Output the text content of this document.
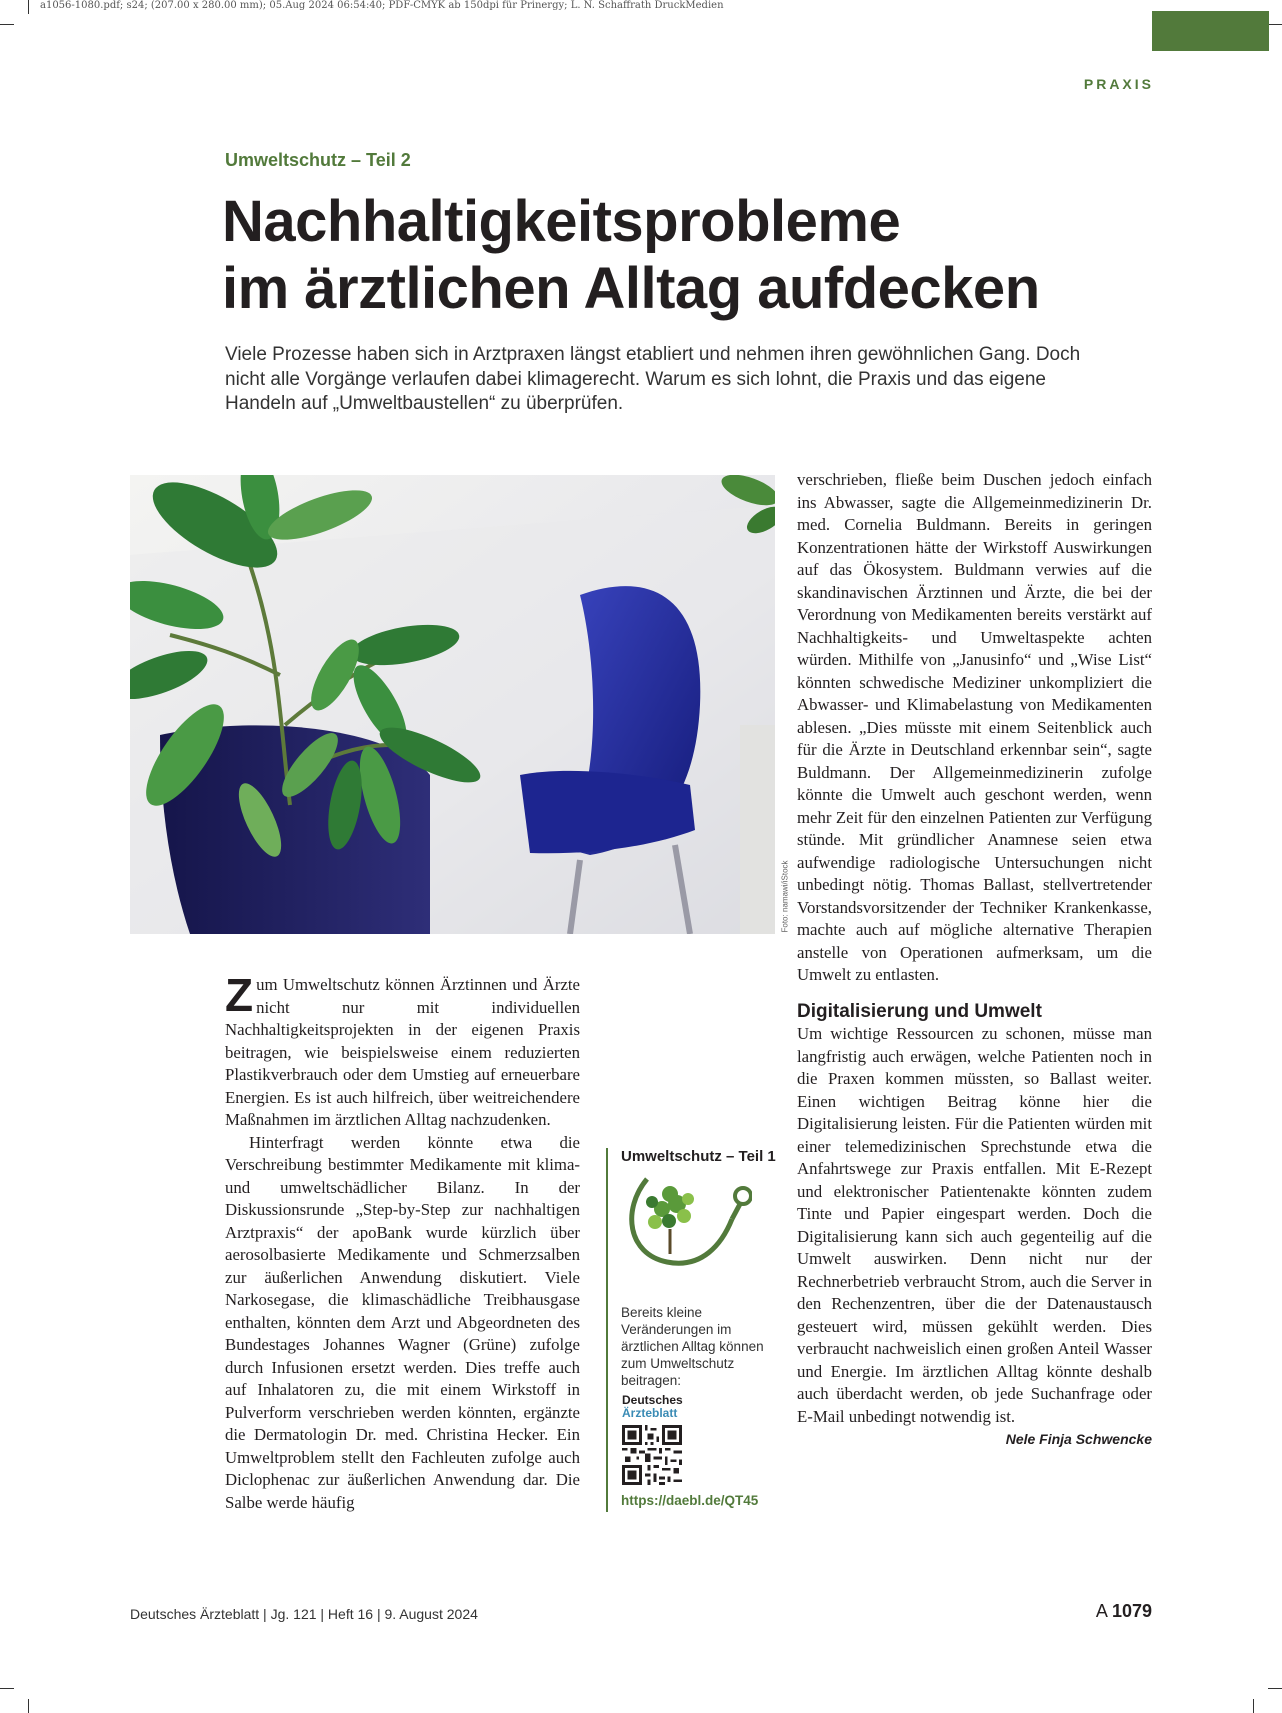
a1056-1080.pdf; s24; (207.00 x 280.00 mm); 05.Aug 2024 06:54:40; PDF-CMYK ab 150dpi für Prinergy; L. N. Schaffrath DruckMedien
PRAXIS
Umweltschutz – Teil 2
Nachhaltigkeitsprobleme
im ärztlichen Alltag aufdecken

Viele Prozesse haben sich in Arztpraxen längst etabliert und nehmen ihren gewöhnlichen Gang. Doch nicht alle Vorgänge verlaufen dabei klimagerecht. Warum es sich lohnt, die Praxis und das eigene Handeln auf „Umweltbaustellen“ zu überprüfen.

Foto: namawi/iStock

Zum Umweltschutz können Ärztinnen und Ärzte nicht nur mit individuellen Nachhaltigkeitsprojekten in der eigenen Praxis beitragen, wie beispielsweise einem reduzierten Plastikverbrauch oder dem Umstieg auf erneuerbare Energien. Es ist auch hilfreich, über weitreichendere Maßnahmen im ärztlichen Alltag nachzudenken.

Hinterfragt werden könnte etwa die Verschreibung bestimmter Medikamente mit klima- und umweltschädlicher Bilanz. In der Diskussionsrunde „Step-by-Step zur nachhaltigen Arztpraxis“ der apoBank wurde kürzlich über aerosolbasierte Medikamente und Schmerzsalben zur äußerlichen Anwendung diskutiert. Viele Narkosegase, die klimaschädliche Treibhausgase enthalten, könnten dem Arzt und Abgeordneten des Bundestages Johannes Wagner (Grüne) zufolge durch Infusionen ersetzt werden. Dies treffe auch auf Inhalatoren zu, die mit einem Wirkstoff in Pulverform verschrieben werden könnten, ergänzte die Dermatologin Dr. med. Christina Hecker. Ein Umweltproblem stellt den Fachleuten zufolge auch Diclophenac zur äußerlichen Anwendung dar. Die Salbe werde häufig

Umweltschutz – Teil 1

Bereits kleine Veränderungen im ärztlichen Alltag können zum Umweltschutz beitragen:

Deutsches
Ärzteblatt
https://daebl.de/QT45

verschrieben, fließe beim Duschen jedoch einfach ins Abwasser, sagte die Allgemeinmedizinerin Dr. med. Cornelia Buldmann. Bereits in geringen Konzentrationen hätte der Wirkstoff Auswirkungen auf das Ökosystem. Buldmann verwies auf die skandinavischen Ärztinnen und Ärzte, die bei der Verordnung von Medikamenten bereits verstärkt auf Nachhaltigkeits- und Umweltaspekte achten würden. Mithilfe von „Janusinfo“ und „Wise List“ könnten schwedische Mediziner unkompliziert die Abwasser- und Klimabelastung von Medikamenten ablesen. „Dies müsste mit einem Seitenblick auch für die Ärzte in Deutschland erkennbar sein“, sagte Buldmann. Der Allgemeinmedizinerin zufolge könnte die Umwelt auch geschont werden, wenn mehr Zeit für den einzelnen Patienten zur Verfügung stünde. Mit gründlicher Anamnese seien etwa aufwendige radiologische Untersuchungen nicht unbedingt nötig. Thomas Ballast, stellvertretender Vorstandsvorsitzender der Techniker Krankenkasse, machte auch auf mögliche alternative Therapien anstelle von Operationen aufmerksam, um die Umwelt zu entlasten.

Digitalisierung und Umwelt

Um wichtige Ressourcen zu schonen, müsse man langfristig auch erwägen, welche Patienten noch in die Praxen kommen müssten, so Ballast weiter. Einen wichtigen Beitrag könne hier die Digitalisierung leisten. Für die Patienten würden mit einer telemedizinischen Sprechstunde etwa die Anfahrtswege zur Praxis entfallen. Mit E-Rezept und elektronischer Patientenakte könnten zudem Tinte und Papier eingespart werden. Doch die Digitalisierung kann sich auch gegenteilig auf die Umwelt auswirken. Denn nicht nur der Rechnerbetrieb verbraucht Strom, auch die Server in den Rechenzentren, über die der Datenaustausch gesteuert wird, müssen gekühlt werden. Dies verbraucht nachweislich einen großen Anteil Wasser und Energie. Im ärztlichen Alltag könnte deshalb auch überdacht werden, ob jede Suchanfrage oder E-Mail unbedingt notwendig ist.
Nele Finja Schwencke

Deutsches Ärzteblatt | Jg. 121 | Heft 16 | 9. August 2024	A 1079
